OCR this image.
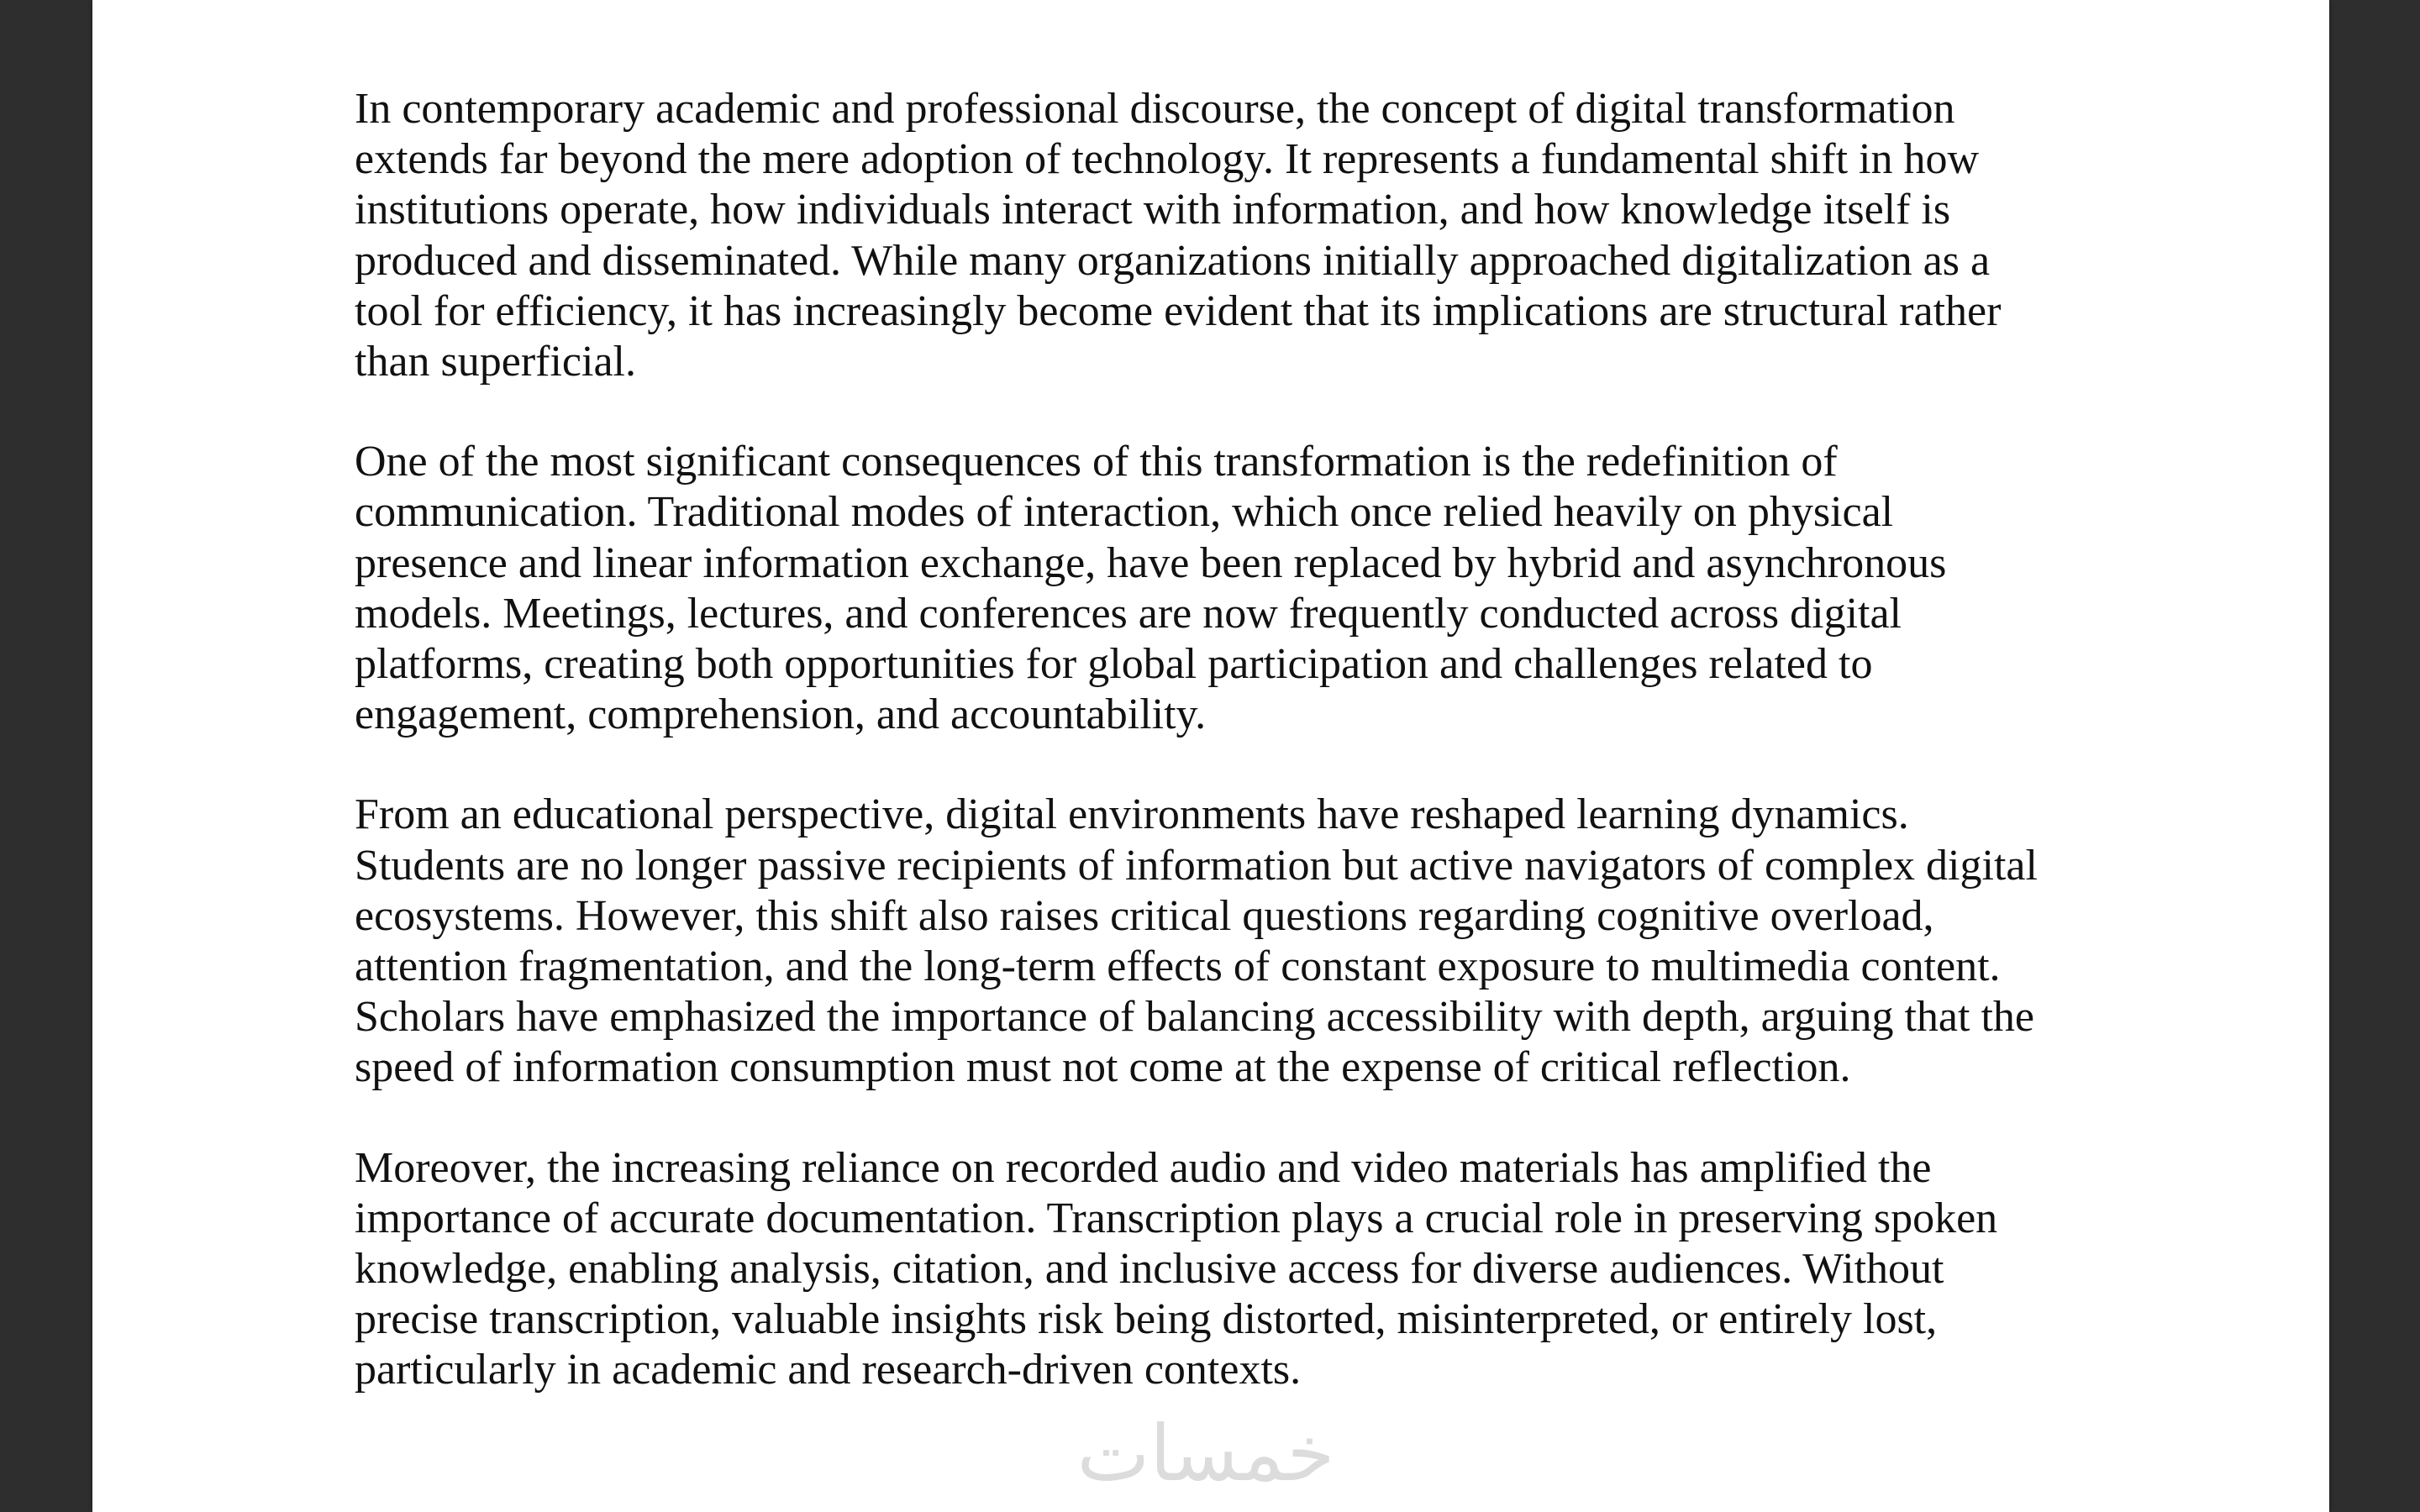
In contemporary academic and professional discourse, the concept of digital transformation
extends far beyond the mere adoption of technology. It represents a fundamental shift in how
institutions operate, how individuals interact with information, and how knowledge itself is
produced and disseminated. While many organizations initially approached digitalization as a
tool for efficiency, it has increasingly become evident that its implications are structural rather
than superficial.

One of the most significant consequences of this transformation is the redefinition of
communication. Traditional modes of interaction, which once relied heavily on physical
presence and linear information exchange, have been replaced by hybrid and asynchronous
models. Meetings, lectures, and conferences are now frequently conducted across digital
platforms, creating both opportunities for global participation and challenges related to
engagement, comprehension, and accountability.

From an educational perspective, digital environments have reshaped learning dynamics.
Students are no longer passive recipients of information but active navigators of complex digital
ecosystems. However, this shift also raises critical questions regarding cognitive overload,
attention fragmentation, and the long-term effects of constant exposure to multimedia content.
Scholars have emphasized the importance of balancing accessibility with depth, arguing that the
speed of information consumption must not come at the expense of critical reflection.

Moreover, the increasing reliance on recorded audio and video materials has amplified the
importance of accurate documentation. Transcription plays a crucial role in preserving spoken
knowledge, enabling analysis, citation, and inclusive access for diverse audiences. Without
precise transcription, valuable insights risk being distorted, misinterpreted, or entirely lost,
particularly in academic and research-driven contexts.

خمسات
